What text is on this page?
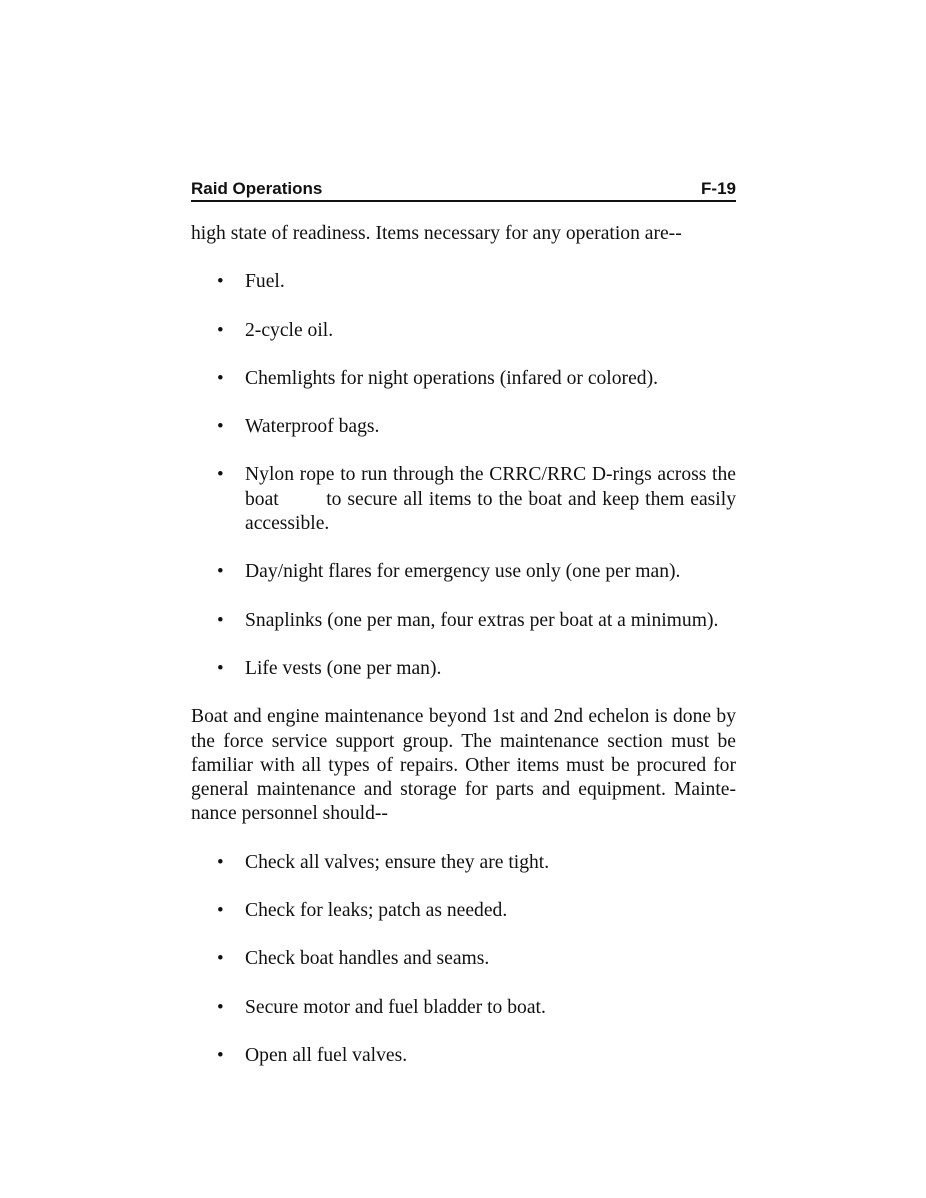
Raid Operations	F-19

high state of readiness. Items necessary for any operation are--

• Fuel.
• 2-cycle oil.
• Chemlights for night operations (infared or colored).
• Waterproof bags.
• Nylon rope to run through the CRRC/RRC D-rings across the boat        to secure all items to the boat and keep them easily accessible.
• Day/night flares for emergency use only (one per man).
• Snaplinks (one per man, four extras per boat at a minimum).
• Life vests (one per man).

Boat and engine maintenance beyond 1st and 2nd echelon is done by the force service support group. The maintenance section must be familiar with all types of repairs. Other items must be procured for general maintenance and storage for parts and equipment. Mainte-nance personnel should--

• Check all valves; ensure they are tight.
• Check for leaks; patch as needed.
• Check boat handles and seams.
• Secure motor and fuel bladder to boat.
• Open all fuel valves.
